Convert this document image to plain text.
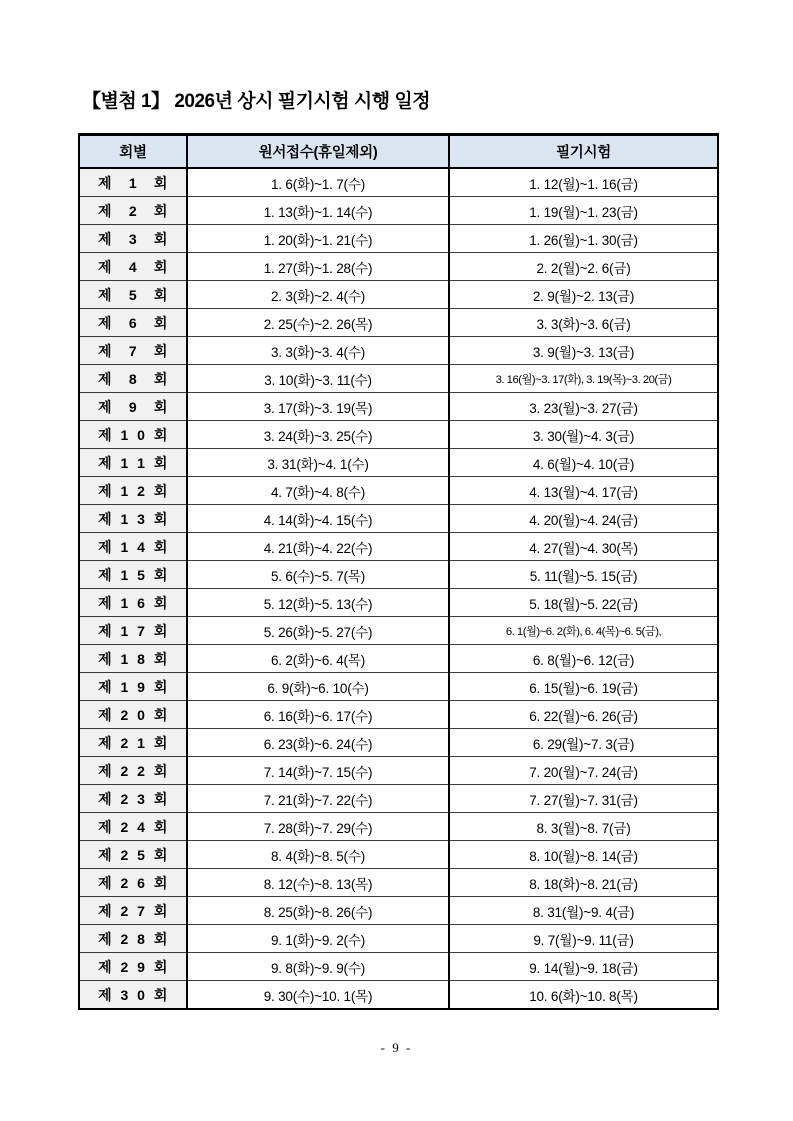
【별첨 1】 2026년 상시 필기시험 시행 일정
회별	원서접수(휴일제외)	필기시험
제  1  회	1. 6(화)~1. 7(수)	1. 12(월)~1. 16(금)
제  2  회	1. 13(화)~1. 14(수)	1. 19(월)~1. 23(금)
제  3  회	1. 20(화)~1. 21(수)	1. 26(월)~1. 30(금)
제  4  회	1. 27(화)~1. 28(수)	2. 2(월)~2. 6(금)
제  5  회	2. 3(화)~2. 4(수)	2. 9(월)~2. 13(금)
제  6  회	2. 25(수)~2. 26(목)	3. 3(화)~3. 6(금)
제  7  회	3. 3(화)~3. 4(수)	3. 9(월)~3. 13(금)
제  8  회	3. 10(화)~3. 11(수)	3. 16(월)~3. 17(화), 3. 19(목)~3. 20(금)
제  9  회	3. 17(화)~3. 19(목)	3. 23(월)~3. 27(금)
제 1 0 회	3. 24(화)~3. 25(수)	3. 30(월)~4. 3(금)
제 1 1 회	3. 31(화)~4. 1(수)	4. 6(월)~4. 10(금)
제 1 2 회	4. 7(화)~4. 8(수)	4. 13(월)~4. 17(금)
제 1 3 회	4. 14(화)~4. 15(수)	4. 20(월)~4. 24(금)
제 1 4 회	4. 21(화)~4. 22(수)	4. 27(월)~4. 30(목)
제 1 5 회	5. 6(수)~5. 7(목)	5. 11(월)~5. 15(금)
제 1 6 회	5. 12(화)~5. 13(수)	5. 18(월)~5. 22(금)
제 1 7 회	5. 26(화)~5. 27(수)	6. 1(월)~6. 2(화), 6. 4(목)~6. 5(금),
제 1 8 회	6. 2(화)~6. 4(목)	6. 8(월)~6. 12(금)
제 1 9 회	6. 9(화)~6. 10(수)	6. 15(월)~6. 19(금)
제 2 0 회	6. 16(화)~6. 17(수)	6. 22(월)~6. 26(금)
제 2 1 회	6. 23(화)~6. 24(수)	6. 29(월)~7. 3(금)
제 2 2 회	7. 14(화)~7. 15(수)	7. 20(월)~7. 24(금)
제 2 3 회	7. 21(화)~7. 22(수)	7. 27(월)~7. 31(금)
제 2 4 회	7. 28(화)~7. 29(수)	8. 3(월)~8. 7(금)
제 2 5 회	8. 4(화)~8. 5(수)	8. 10(월)~8. 14(금)
제 2 6 회	8. 12(수)~8. 13(목)	8. 18(화)~8. 21(금)
제 2 7 회	8. 25(화)~8. 26(수)	8. 31(월)~9. 4(금)
제 2 8 회	9. 1(화)~9. 2(수)	9. 7(월)~9. 11(금)
제 2 9 회	9. 8(화)~9. 9(수)	9. 14(월)~9. 18(금)
제 3 0 회	9. 30(수)~10. 1(목)	10. 6(화)~10. 8(목)
- 9 -
